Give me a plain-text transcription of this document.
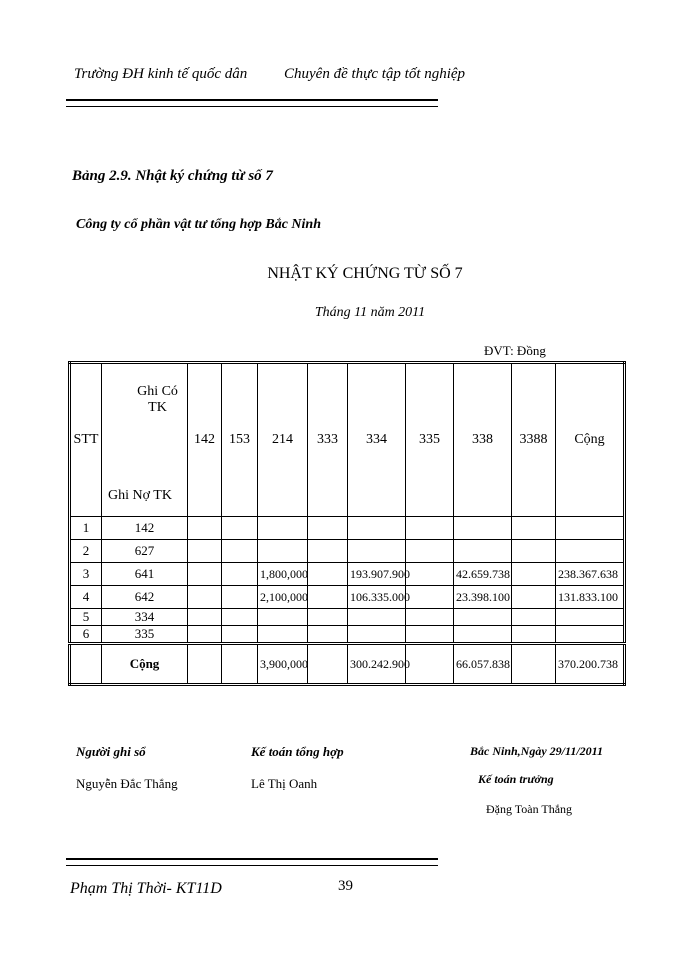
Trường ĐH kinh tế quốc dân Chuyên đề thực tập tốt nghiệp
Bảng 2.9. Nhật ký chứng từ số 7
Công ty cổ phần vật tư tổng hợp Bắc Ninh
NHẬT KÝ CHỨNG TỪ SỐ 7
Tháng 11 năm 2011
ĐVT: Đồng
STT	Ghi Có TK
Ghi Nợ TK	142	153	214	333	334	335	338	3388	Cộng
1	142									
2	627									
3	641			1,800,000		193.907.900		42.659.738		238.367.638
4	642			2,100,000		106.335.000		23.398.100		131.833.100
5	334									
6	335									
	Cộng			3,900,000		300.242.900		66.057.838		370.200.738
Người ghi sổ
Nguyễn Đắc Thắng
Kế toán tổng hợp
Lê Thị Oanh
Bắc Ninh,Ngày 29/11/2011
Kế toán trưởng
Đặng Toàn Thắng
Phạm Thị Thời- KT11D	39
